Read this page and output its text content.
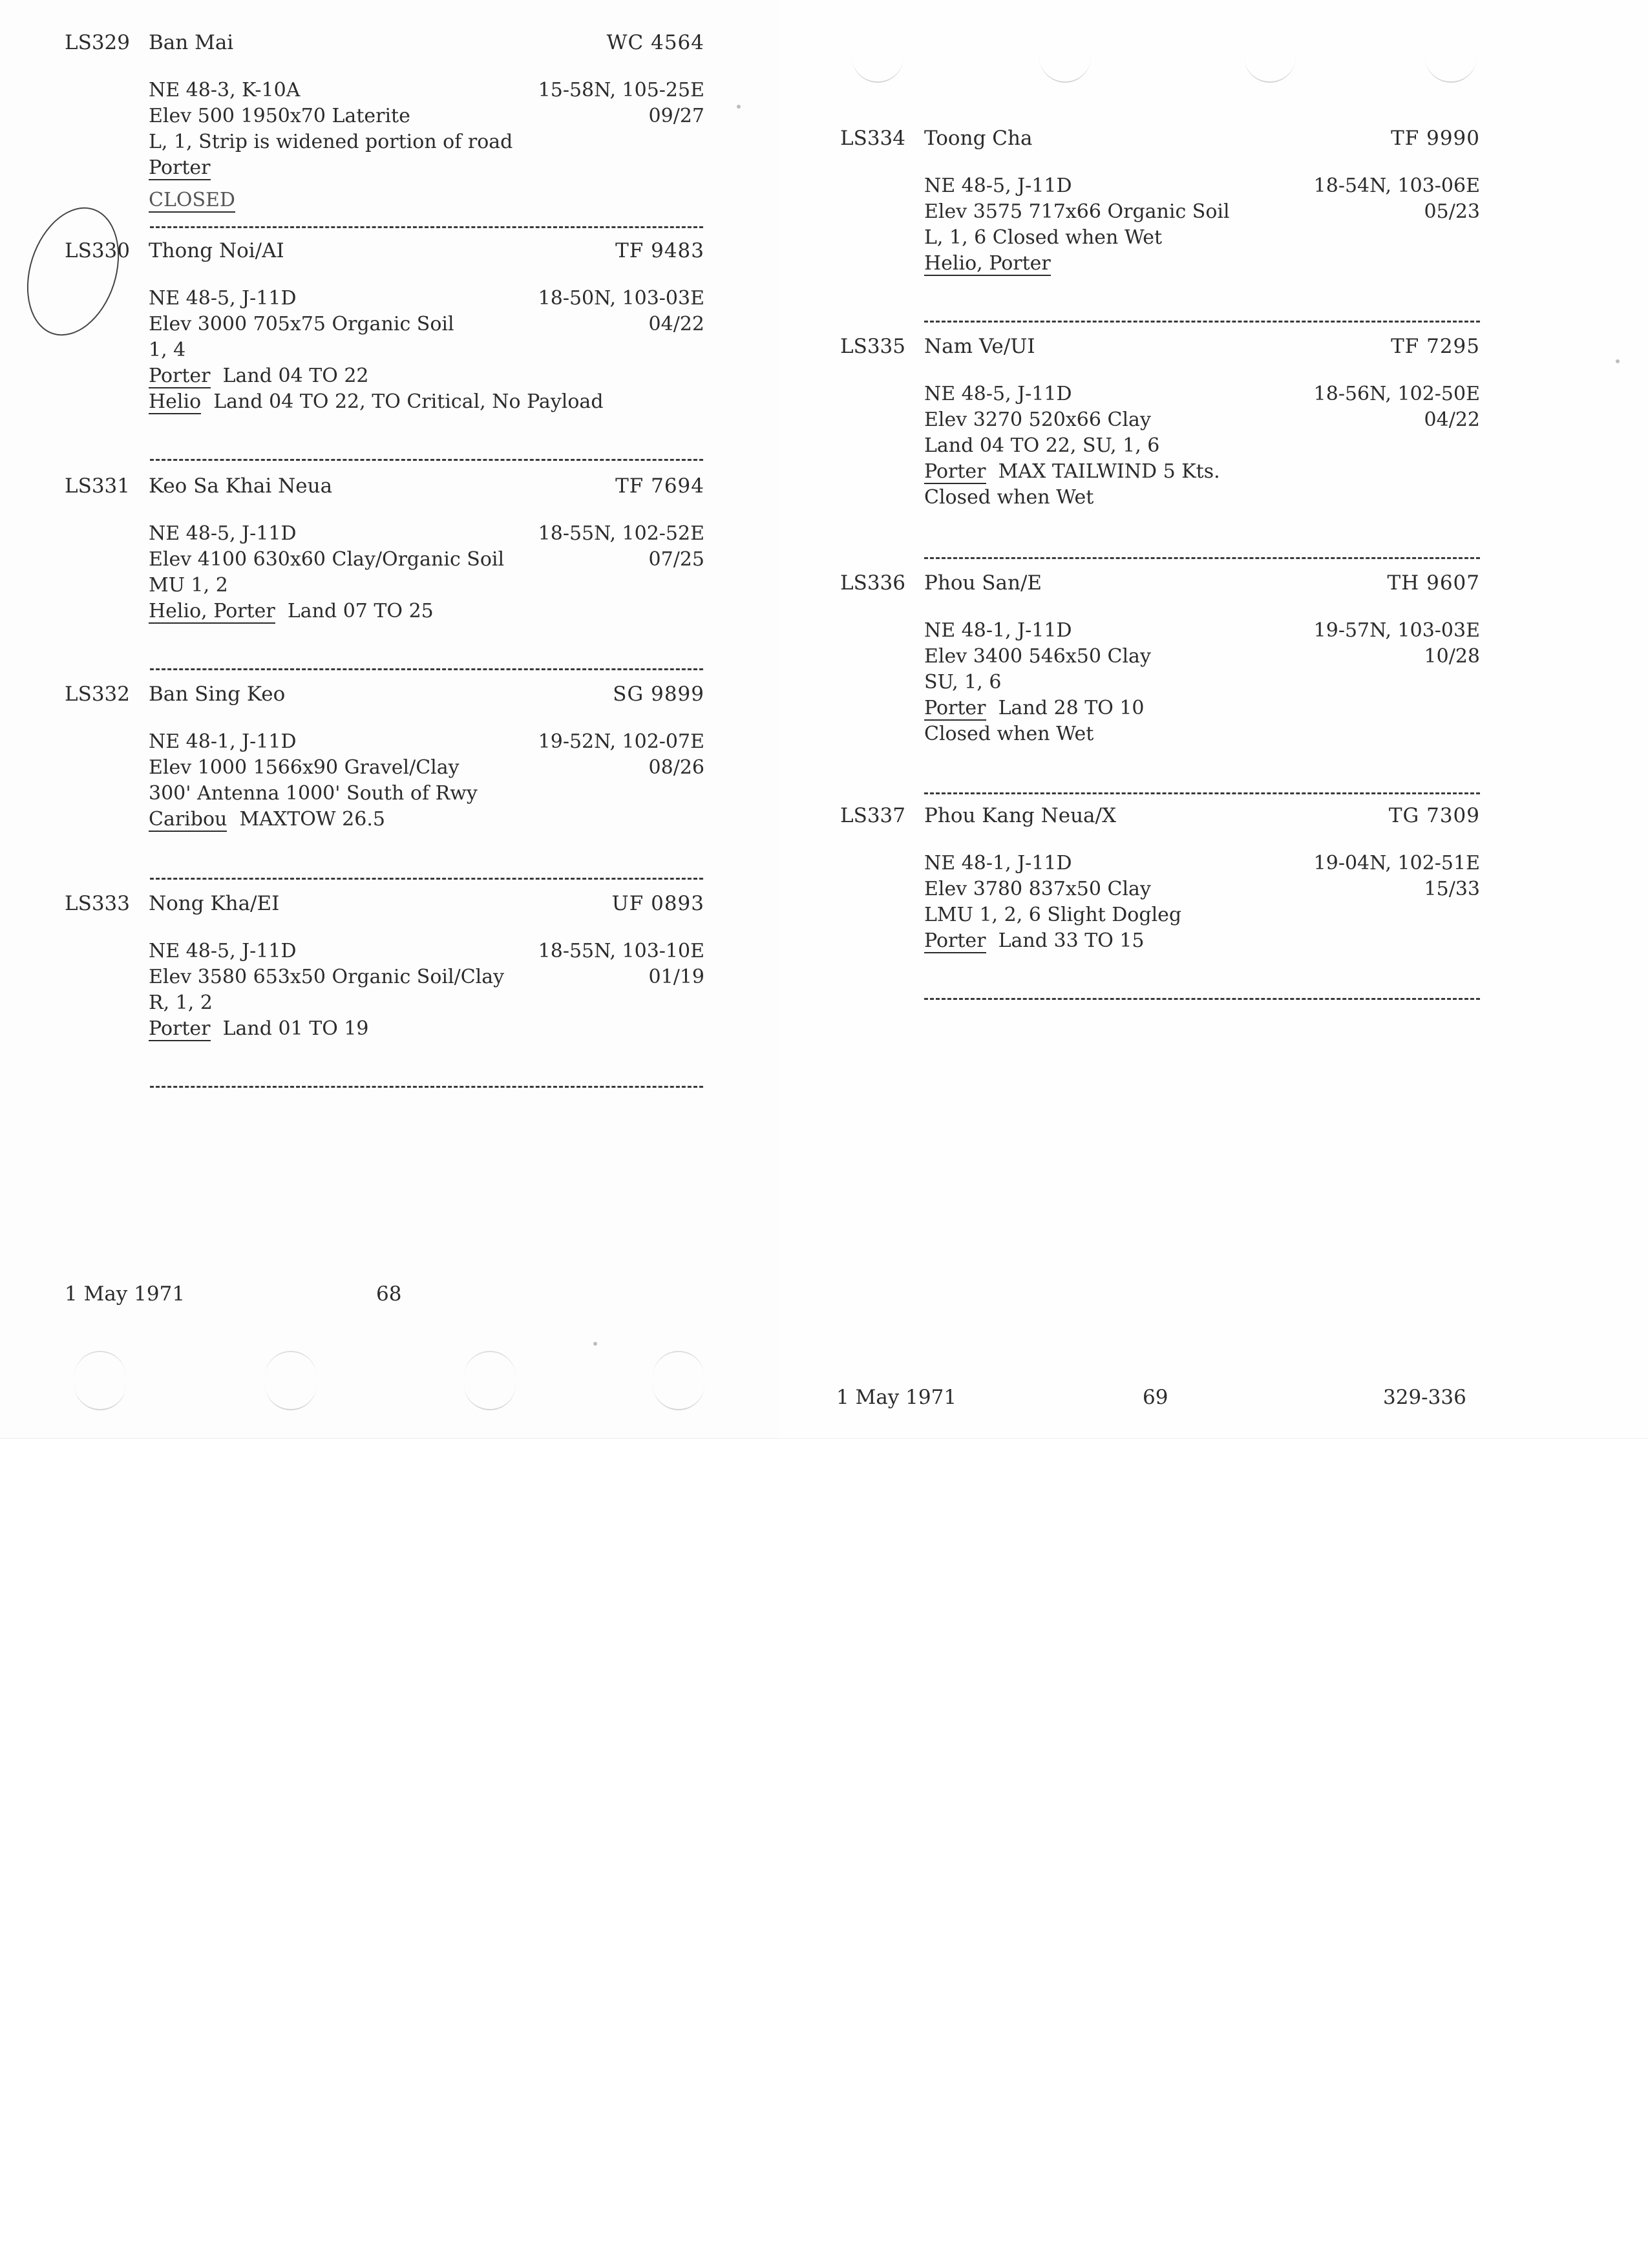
LS329 Ban Mai	WC 4564
NE 48-3, K-10A	15-58N, 105-25E
Elev 500 1950x70 Laterite	09/27
L, 1, Strip is widened portion of road
Porter
CLOSED
LS330 Thong Noi/AI	TF 9483
NE 48-5, J-11D	18-50N, 103-03E
Elev 3000 705x75 Organic Soil	04/22
1, 4
Porter Land 04 TO 22
Helio Land 04 TO 22, TO Critical, No Payload
LS331 Keo Sa Khai Neua	TF 7694
NE 48-5, J-11D	18-55N, 102-52E
Elev 4100 630x60 Clay/Organic Soil	07/25
MU 1, 2
Helio, Porter Land 07 TO 25
LS332 Ban Sing Keo	SG 9899
NE 48-1, J-11D	19-52N, 102-07E
Elev 1000 1566x90 Gravel/Clay	08/26
300' Antenna 1000' South of Rwy
Caribou MAXTOW 26.5
LS333 Nong Kha/EI	UF 0893
NE 48-5, J-11D	18-55N, 103-10E
Elev 3580 653x50 Organic Soil/Clay	01/19
R, 1, 2
Porter Land 01 TO 19
1 May 1971	68
LS334 Toong Cha	TF 9990
NE 48-5, J-11D	18-54N, 103-06E
Elev 3575 717x66 Organic Soil	05/23
L, 1, 6 Closed when Wet
Helio, Porter
LS335 Nam Ve/UI	TF 7295
NE 48-5, J-11D	18-56N, 102-50E
Elev 3270 520x66 Clay	04/22
Land 04 TO 22, SU, 1, 6
Porter MAX TAILWIND 5 Kts.
Closed when Wet
LS336 Phou San/E	TH 9607
NE 48-1, J-11D	19-57N, 103-03E
Elev 3400 546x50 Clay	10/28
SU, 1, 6
Porter Land 28 TO 10
Closed when Wet
LS337 Phou Kang Neua/X	TG 7309
NE 48-1, J-11D	19-04N, 102-51E
Elev 3780 837x50 Clay	15/33
LMU 1, 2, 6 Slight Dogleg
Porter Land 33 TO 15
1 May 1971	69	329-336
